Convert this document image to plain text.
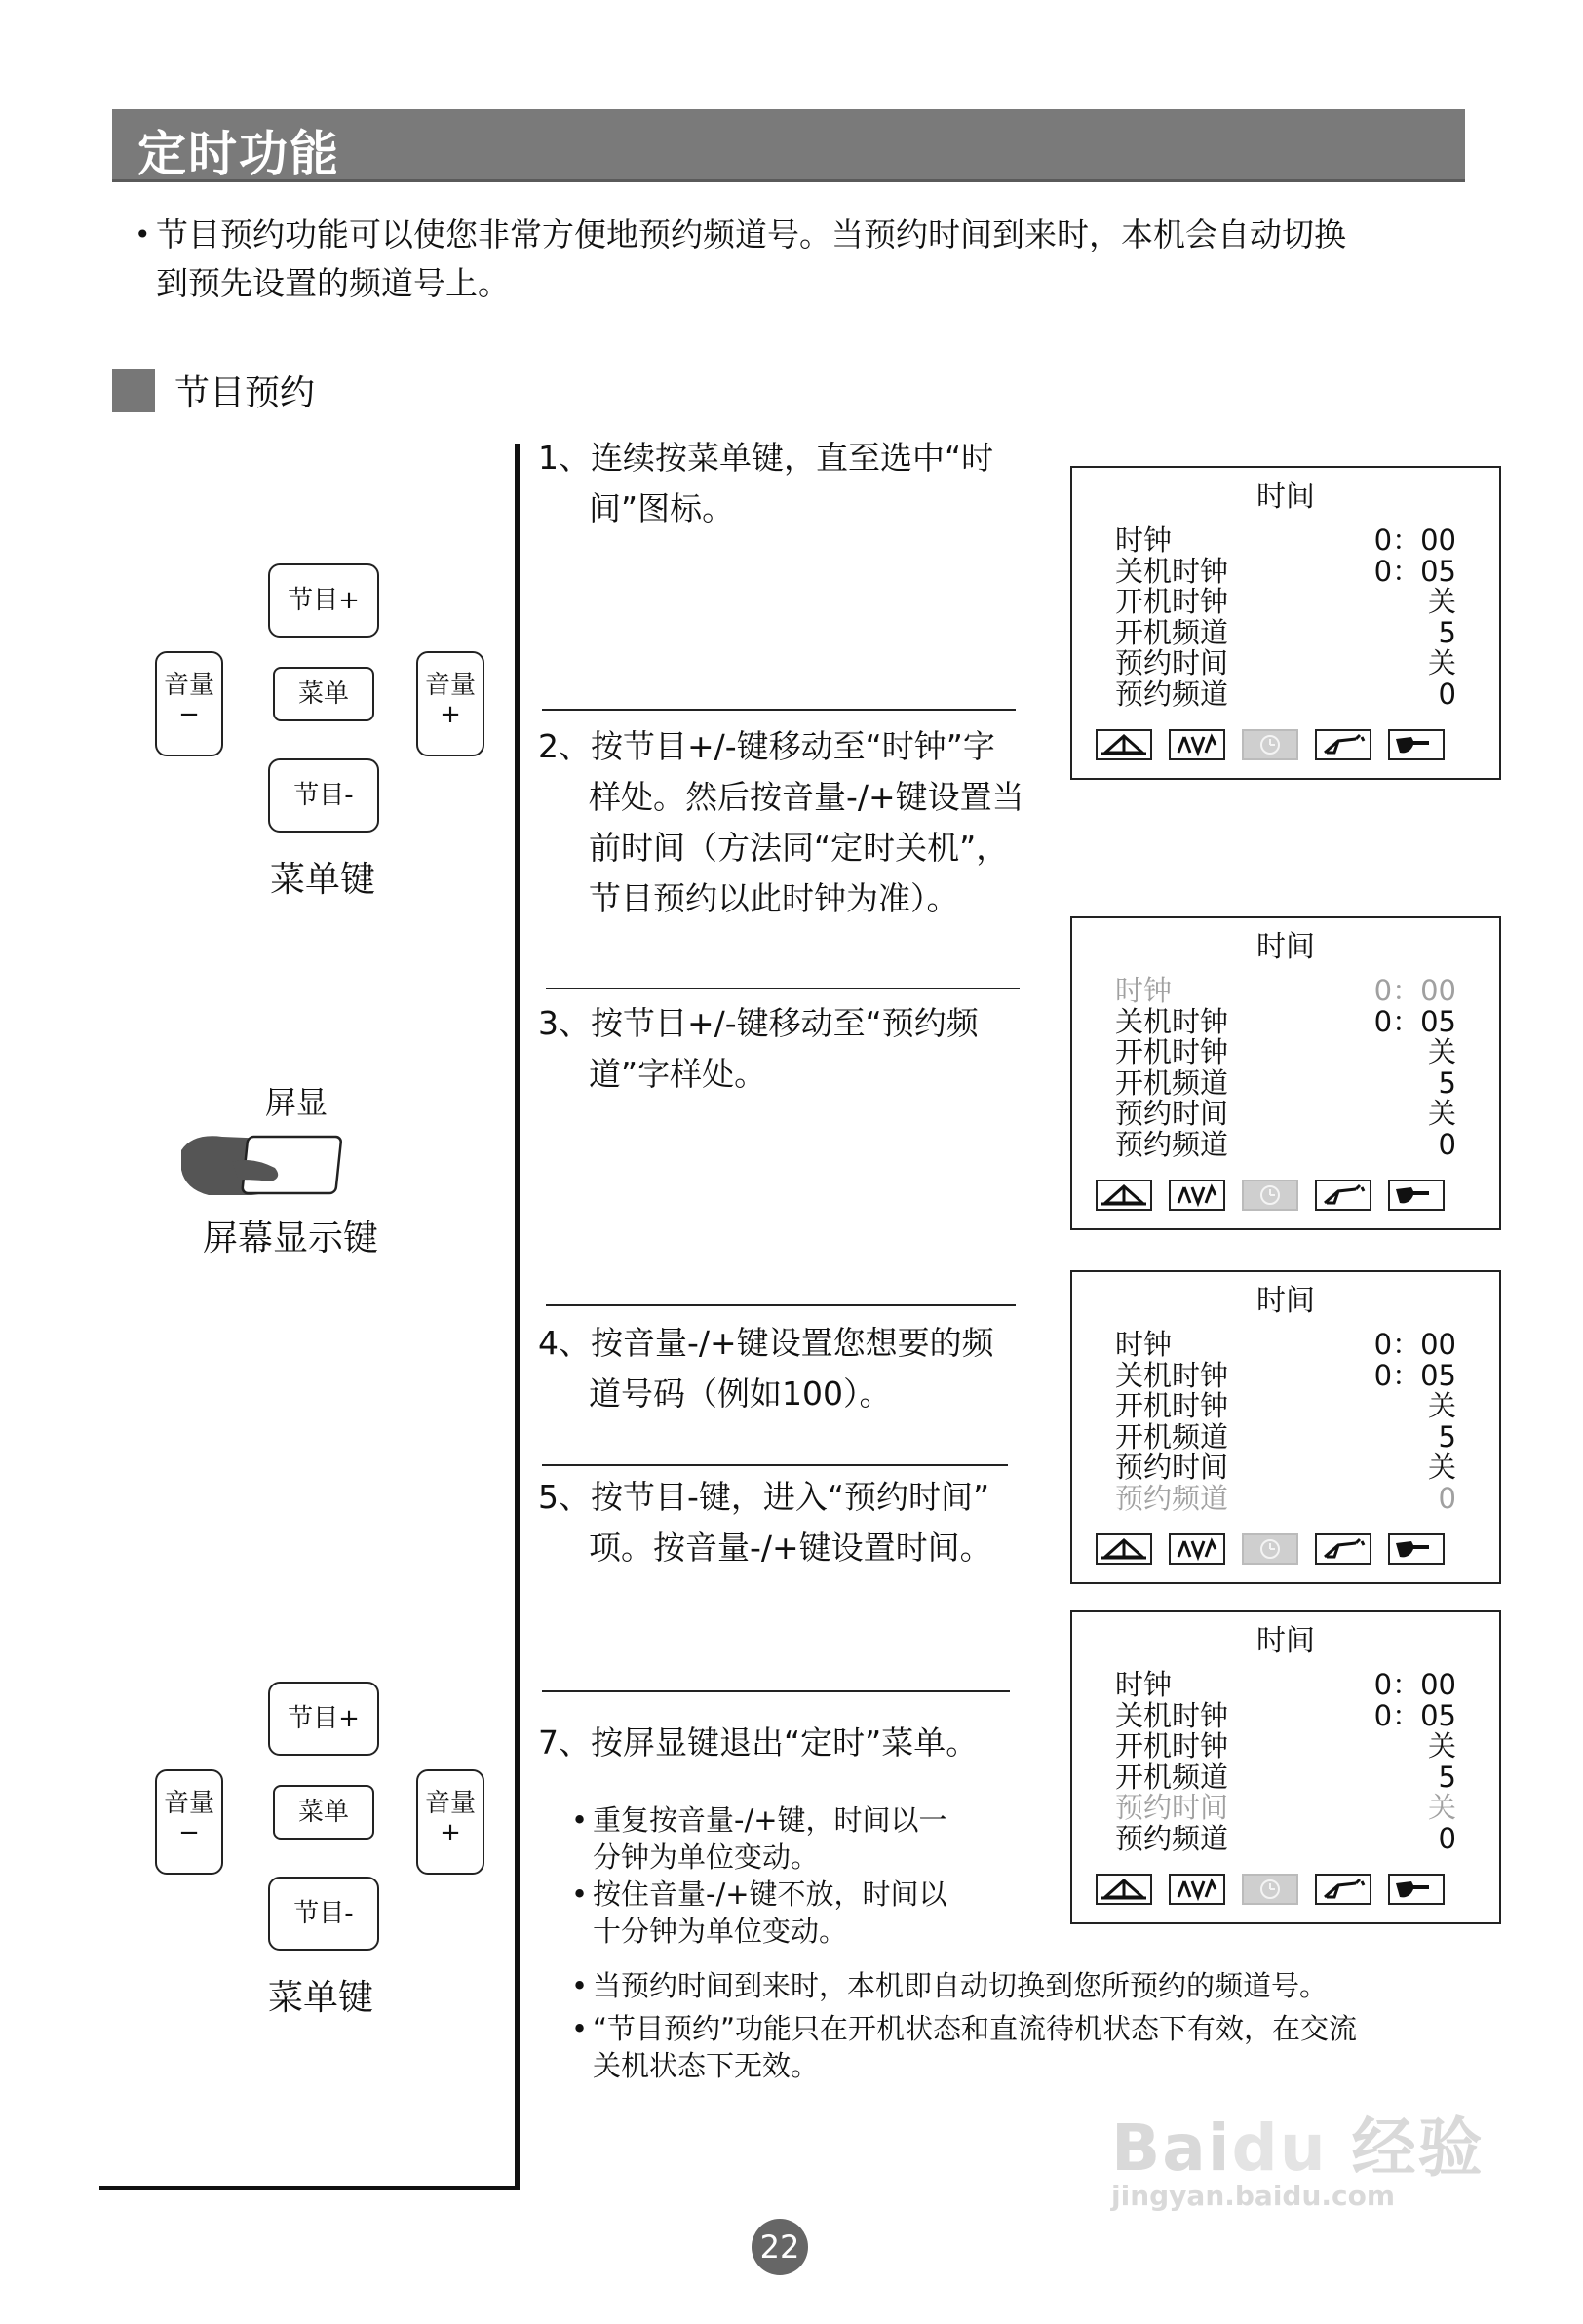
定时功能
• 节目预约功能可以使您非常方便地预约频道号。当预约时间到来时，本机会自动切换
到预先设置的频道号上。
节目预约
节目+
音量
−
菜单	音量
+
节目-
菜单键
屏显
屏幕显示键
节目+
音量
−
菜单	音量
+
节目-
菜单键
1、连续按菜单键，直至选中“时
间”图标。
2、按节目+/-键移动至“时钟”字
样处。然后按音量-/+键设置当
前时间（方法同“定时关机”，
节目预约以此时钟为准）。
3、按节目+/-键移动至“预约频
道”字样处。
4、按音量-/+键设置您想要的频
道号码（例如100）。
5、按节目-键，进入“预约时间”
项。按音量-/+键设置时间。
7、按屏显键退出“定时”菜单。
• 重复按音量-/+键，时间以一
分钟为单位变动。
• 按住音量-/+键不放，时间以
十分钟为单位变动。
• 当预约时间到来时，本机即自动切换到您所预约的频道号。
• “节目预约”功能只在开机状态和直流待机状态下有效，在交流
关机状态下无效。
时间
时钟	0：00
关机时钟	0：05
开机时钟	关
开机频道	5
预约时间	关
预约频道	0
时间
时钟	0：00
关机时钟	0：05
开机时钟	关
开机频道	5
预约时间	关
预约频道	0
时间
时钟	0：00
关机时钟	0：05
开机时钟	关
开机频道	5
预约时间	关
预约频道	0
时间
时钟	0：00
关机时钟	0：05
开机时钟	关
开机频道	5
预约时间	关
预约频道	0
22
Baidu 经验
jingyan.baidu.com
